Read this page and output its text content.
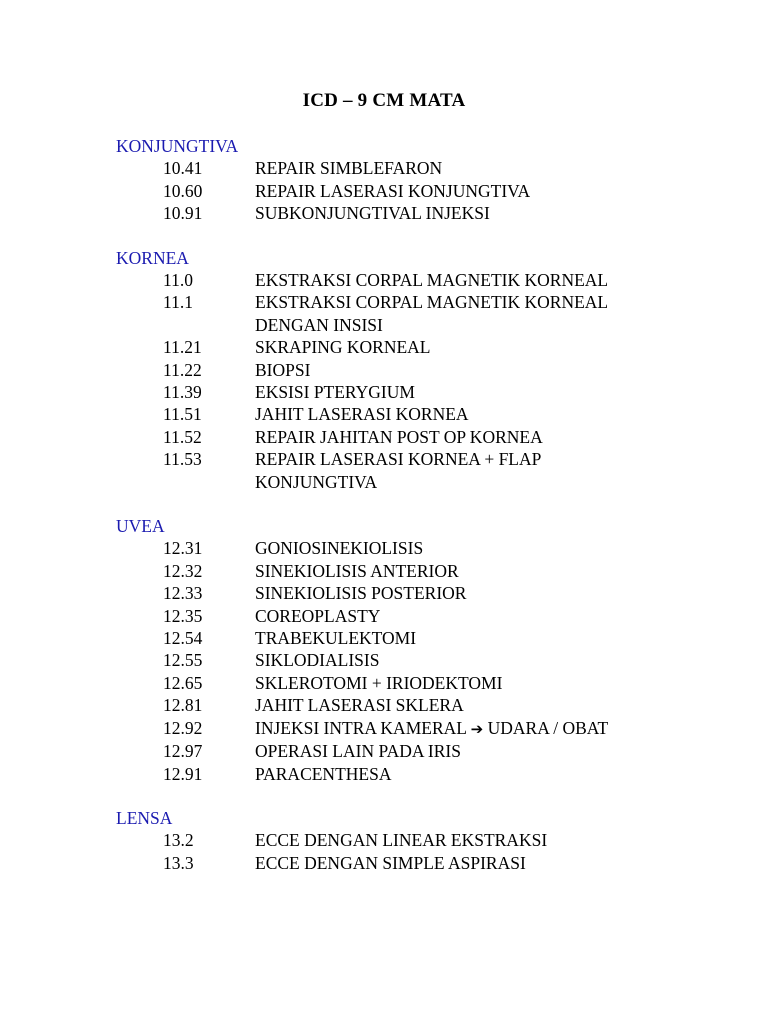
ICD – 9 CM MATA
KONJUNGTIVA
10.41	REPAIR SIMBLEFARON
10.60	REPAIR LASERASI KONJUNGTIVA
10.91	SUBKONJUNGTIVAL INJEKSI
KORNEA
11.0	EKSTRAKSI CORPAL MAGNETIK KORNEAL
11.1	EKSTRAKSI CORPAL MAGNETIK KORNEAL DENGAN INSISI
11.21	SKRAPING KORNEAL
11.22	BIOPSI
11.39	EKSISI PTERYGIUM
11.51	JAHIT LASERASI KORNEA
11.52	REPAIR JAHITAN POST OP KORNEA
11.53	REPAIR LASERASI KORNEA + FLAP KONJUNGTIVA
UVEA
12.31	GONIOSINEKIOLISIS
12.32	SINEKIOLISIS ANTERIOR
12.33	SINEKIOLISIS POSTERIOR
12.35	COREOPLASTY
12.54	TRABEKULEKTOMI
12.55	SIKLODIALISIS
12.65	SKLEROTOMI + IRIODEKTOMI
12.81	JAHIT LASERASI SKLERA
12.92	INJEKSI INTRA KAMERAL ➔ UDARA / OBAT
12.97	OPERASI LAIN PADA IRIS
12.91	PARACENTHESA
LENSA
13.2	ECCE DENGAN LINEAR EKSTRAKSI
13.3	ECCE DENGAN SIMPLE ASPIRASI
